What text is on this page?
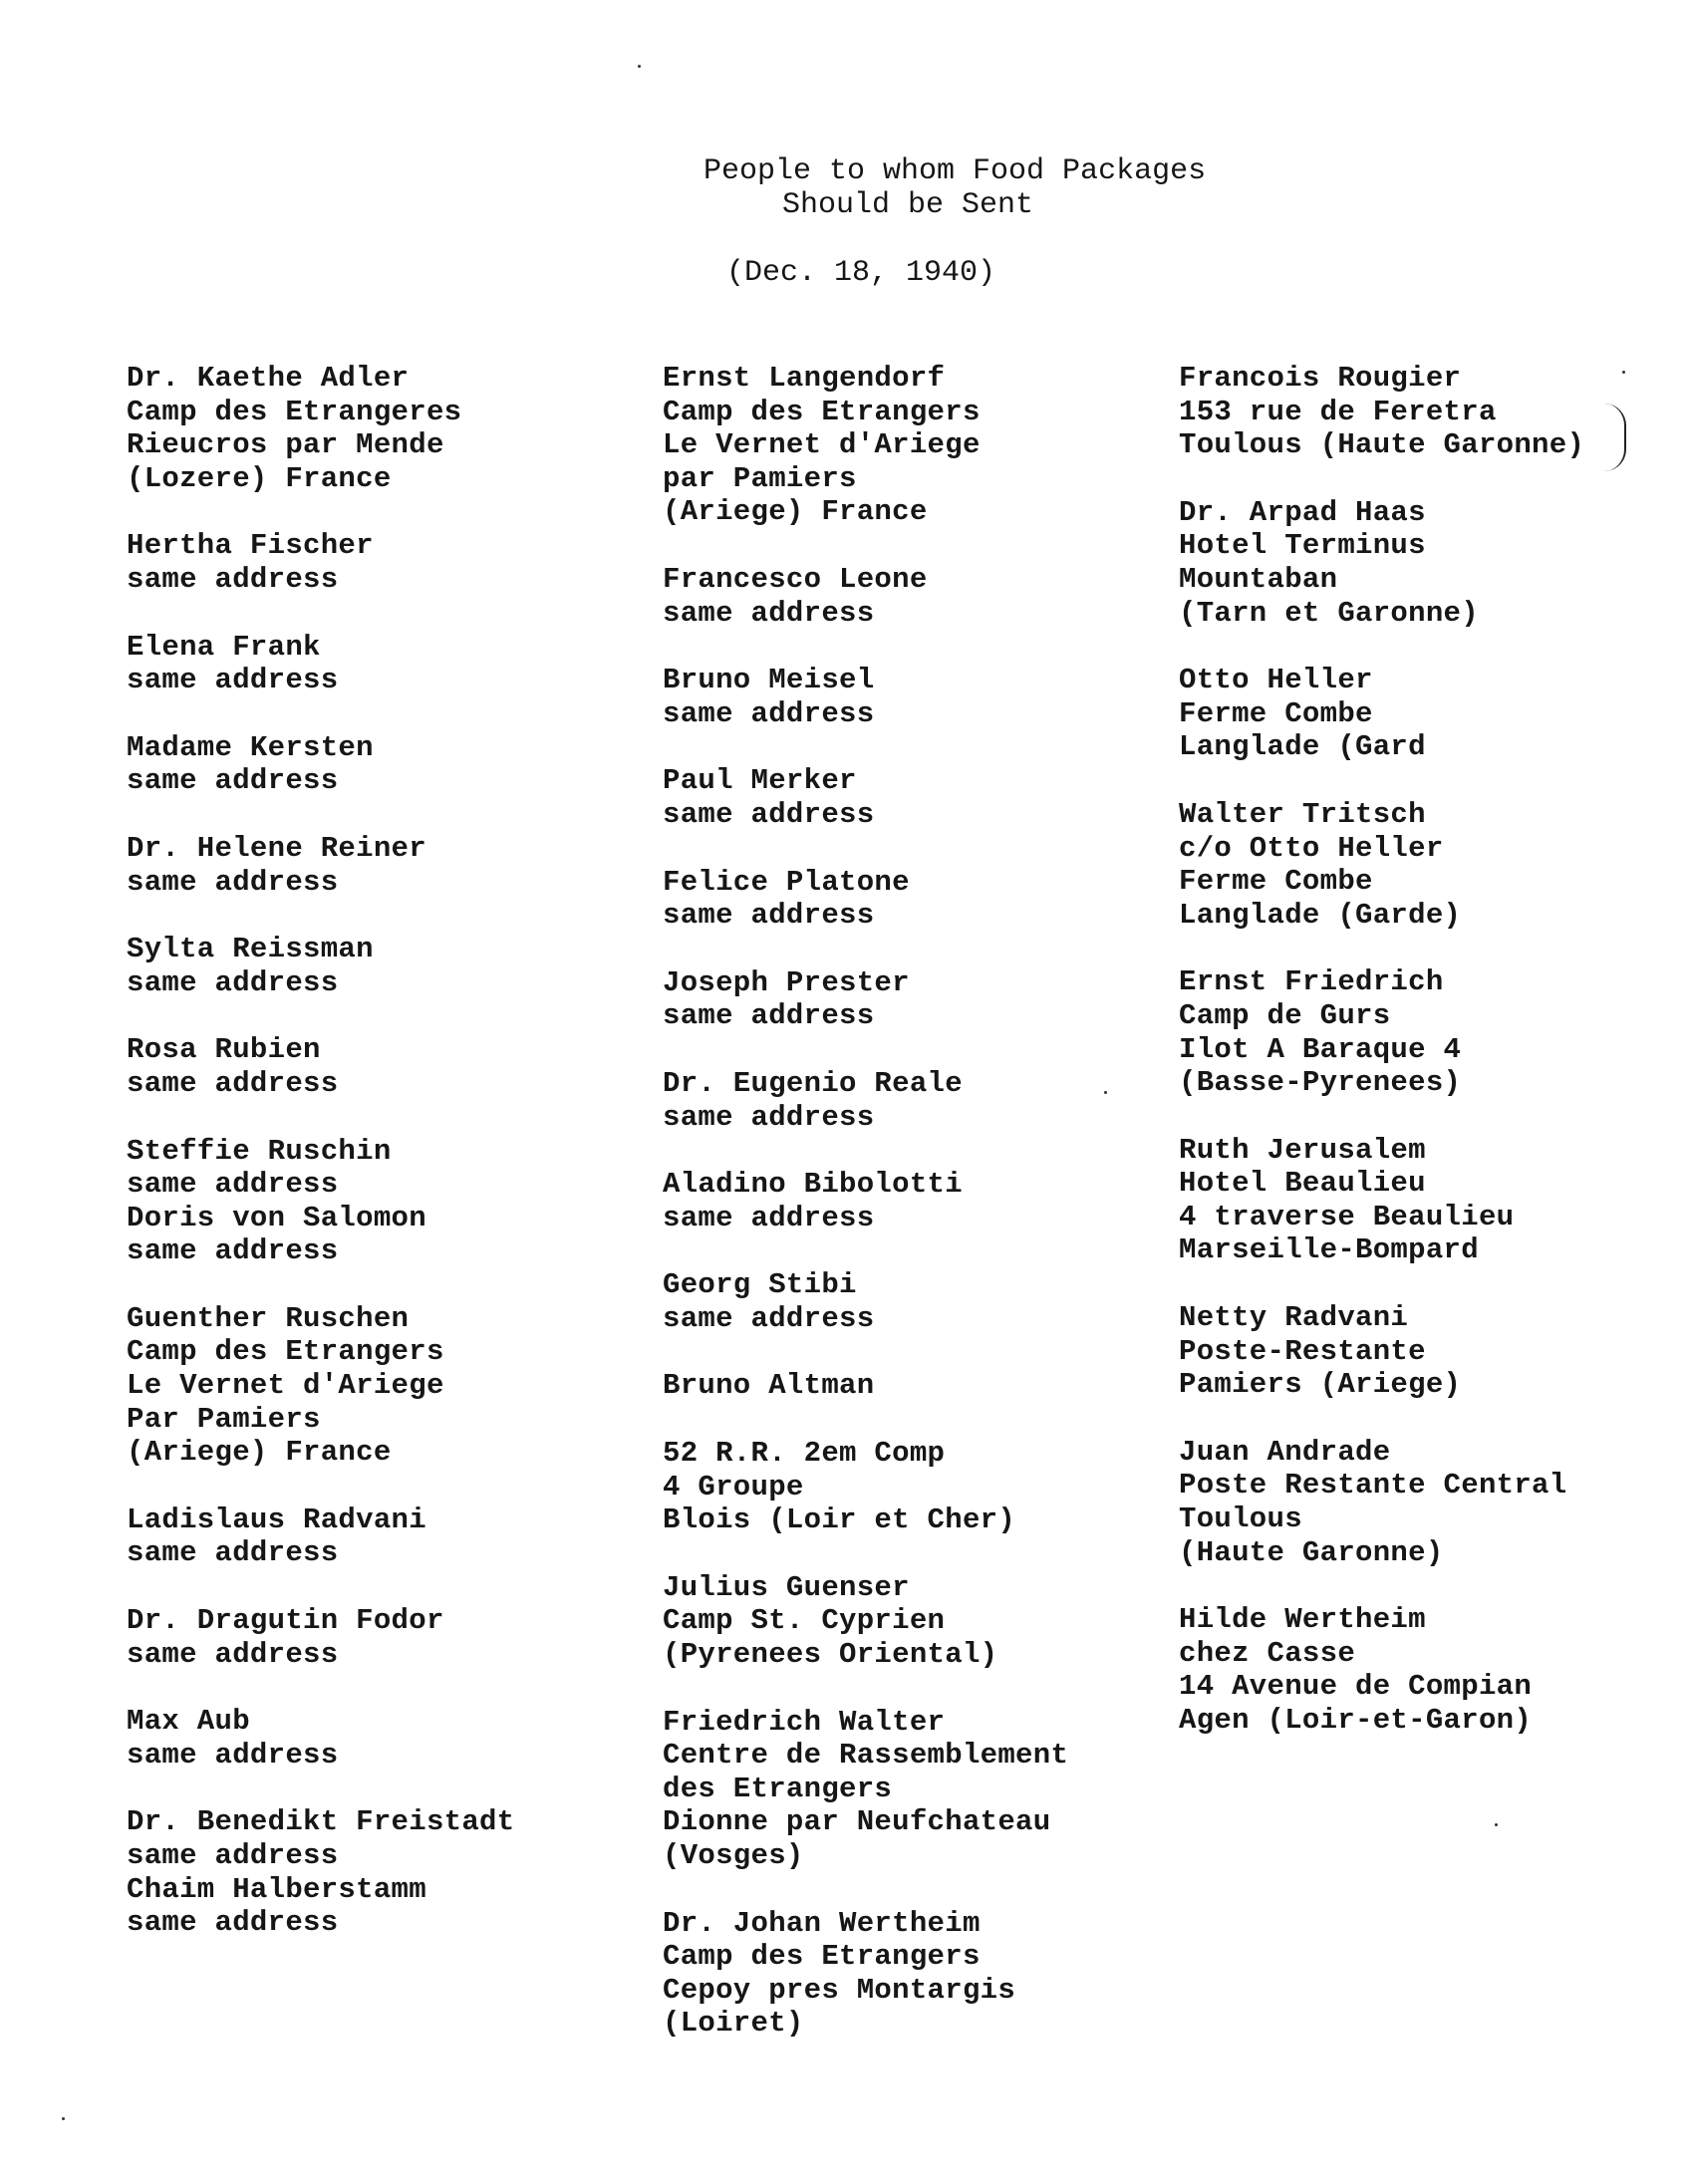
People to whom Food Packages
Should be Sent
(Dec. 18, 1940)
Dr. Kaethe Adler
Camp des Etrangeres
Rieucros par Mende
(Lozere) France
Hertha Fischer
same address
Elena Frank
same address
Madame Kersten
same address
Dr. Helene Reiner
same address
Sylta Reissman
same address
Rosa Rubien
same address
Steffie Ruschin
same address
Doris von Salomon
same address
Guenther Ruschen
Camp des Etrangers
Le Vernet d'Ariege
Par Pamiers
(Ariege) France
Ladislaus Radvani
same address
Dr. Dragutin Fodor
same address
Max Aub
same address
Dr. Benedikt Freistadt
same address
Chaim Halberstamm
same address
Ernst Langendorf
Camp des Etrangers
Le Vernet d'Ariege
par Pamiers
(Ariege) France
Francesco Leone
same address
Bruno Meisel
same address
Paul Merker
same address
Felice Platone
same address
Joseph Prester
same address
Dr. Eugenio Reale
same address
Aladino Bibolotti
same address
Georg Stibi
same address
Bruno Altman
52 R.R. 2em Comp
4 Groupe
Blois (Loir et Cher)
Julius Guenser
Camp St. Cyprien
(Pyrenees Oriental)
Friedrich Walter
Centre de Rassemblement
des Etrangers
Dionne par Neufchateau
(Vosges)
Dr. Johan Wertheim
Camp des Etrangers
Cepoy pres Montargis
(Loiret)
Francois Rougier
153 rue de Feretra
Toulous (Haute Garonne)
Dr. Arpad Haas
Hotel Terminus
Mountaban
(Tarn et Garonne)
Otto Heller
Ferme Combe
Langlade (Gard
Walter Tritsch
c/o Otto Heller
Ferme Combe
Langlade (Garde)
Ernst Friedrich
Camp de Gurs
Ilot A Baraque 4
(Basse-Pyrenees)
Ruth Jerusalem
Hotel Beaulieu
4 traverse Beaulieu
Marseille-Bompard
Netty Radvani
Poste-Restante
Pamiers (Ariege)
Juan Andrade
Poste Restante Central
Toulous
(Haute Garonne)
Hilde Wertheim
chez Casse
14 Avenue de Compian
Agen (Loir-et-Garon)
